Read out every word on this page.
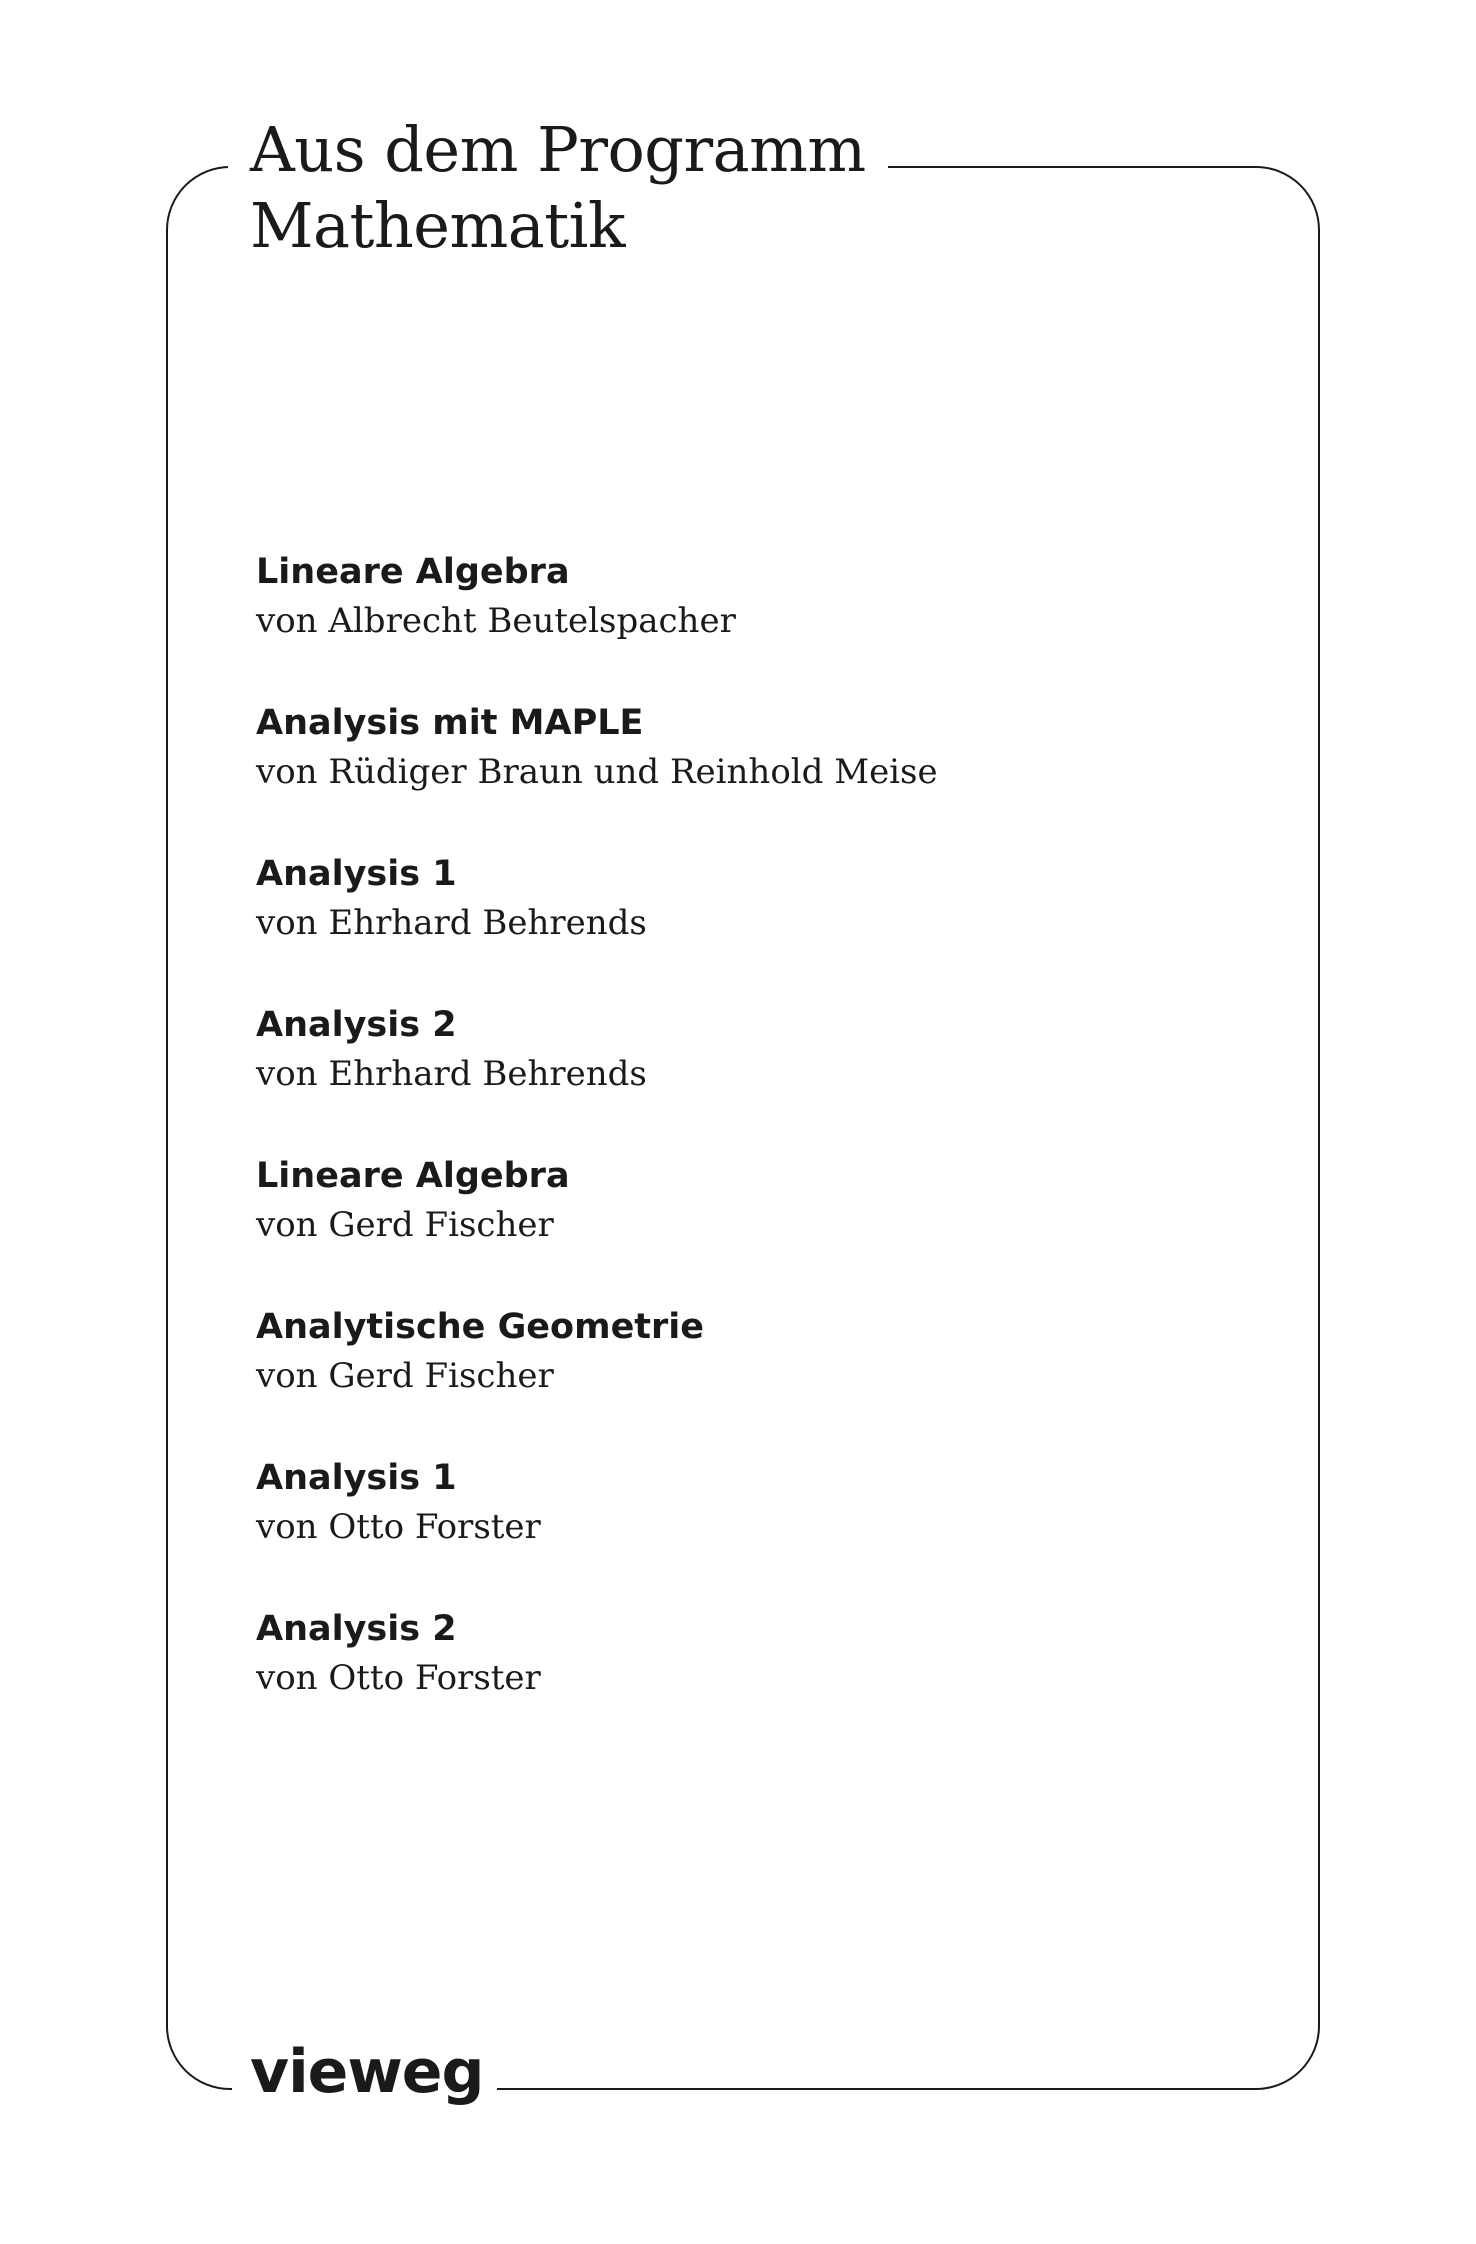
Aus dem Programm
Mathematik
Lineare Algebra
von Albrecht Beutelspacher
Analysis mit MAPLE
von Rüdiger Braun und Reinhold Meise
Analysis 1
von Ehrhard Behrends
Analysis 2
von Ehrhard Behrends
Lineare Algebra
von Gerd Fischer
Analytische Geometrie
von Gerd Fischer
Analysis 1
von Otto Forster
Analysis 2
von Otto Forster
vieweg
